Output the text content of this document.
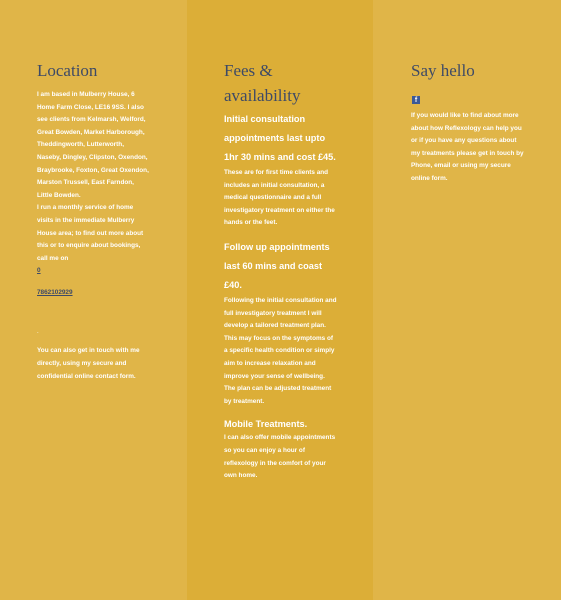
Location

I am based in Mulberry House, 6 Home Farm Close, LE16 9SS. I also see clients from Kelmarsh, Welford, Great Bowden, Market Harborough, Theddingworth, Lutterworth, Naseby, Dingley, Clipston, Oxendon, Braybrooke, Foxton, Great Oxendon, Marston Trussell, East Farndon, Little Bowden.

I run a monthly service of home visits in the immediate Mulberry House area; to find out more about this or to enquire about bookings, call me on

0
7862102929
.

You can also get in touch with me directly, using my secure and confidential online contact form.

Fees & availability

Initial consultation appointments last upto 1hr 30 mins and cost £45.

These are for first time clients and includes an initial consultation, a medical questionnaire and a full investigatory treatment on either the hands or the feet.

Follow up appointments last 60 mins and coast £40.

Following the initial consultation and full investigatory treatment I will develop a tailored treatment plan. This may focus on the symptoms of a specific health condition or simply aim to increase relaxation and improve your sense of wellbeing. The plan can be adjusted treatment by treatment.

Mobile Treatments.

I can also offer mobile appointments so you can enjoy a hour of reflexology in the comfort of your own home.

Say hello
f

If you would like to find about more about how Reflexology can help you or if you have any questions about my treatments please get in touch by Phone, email or using my secure online form.
